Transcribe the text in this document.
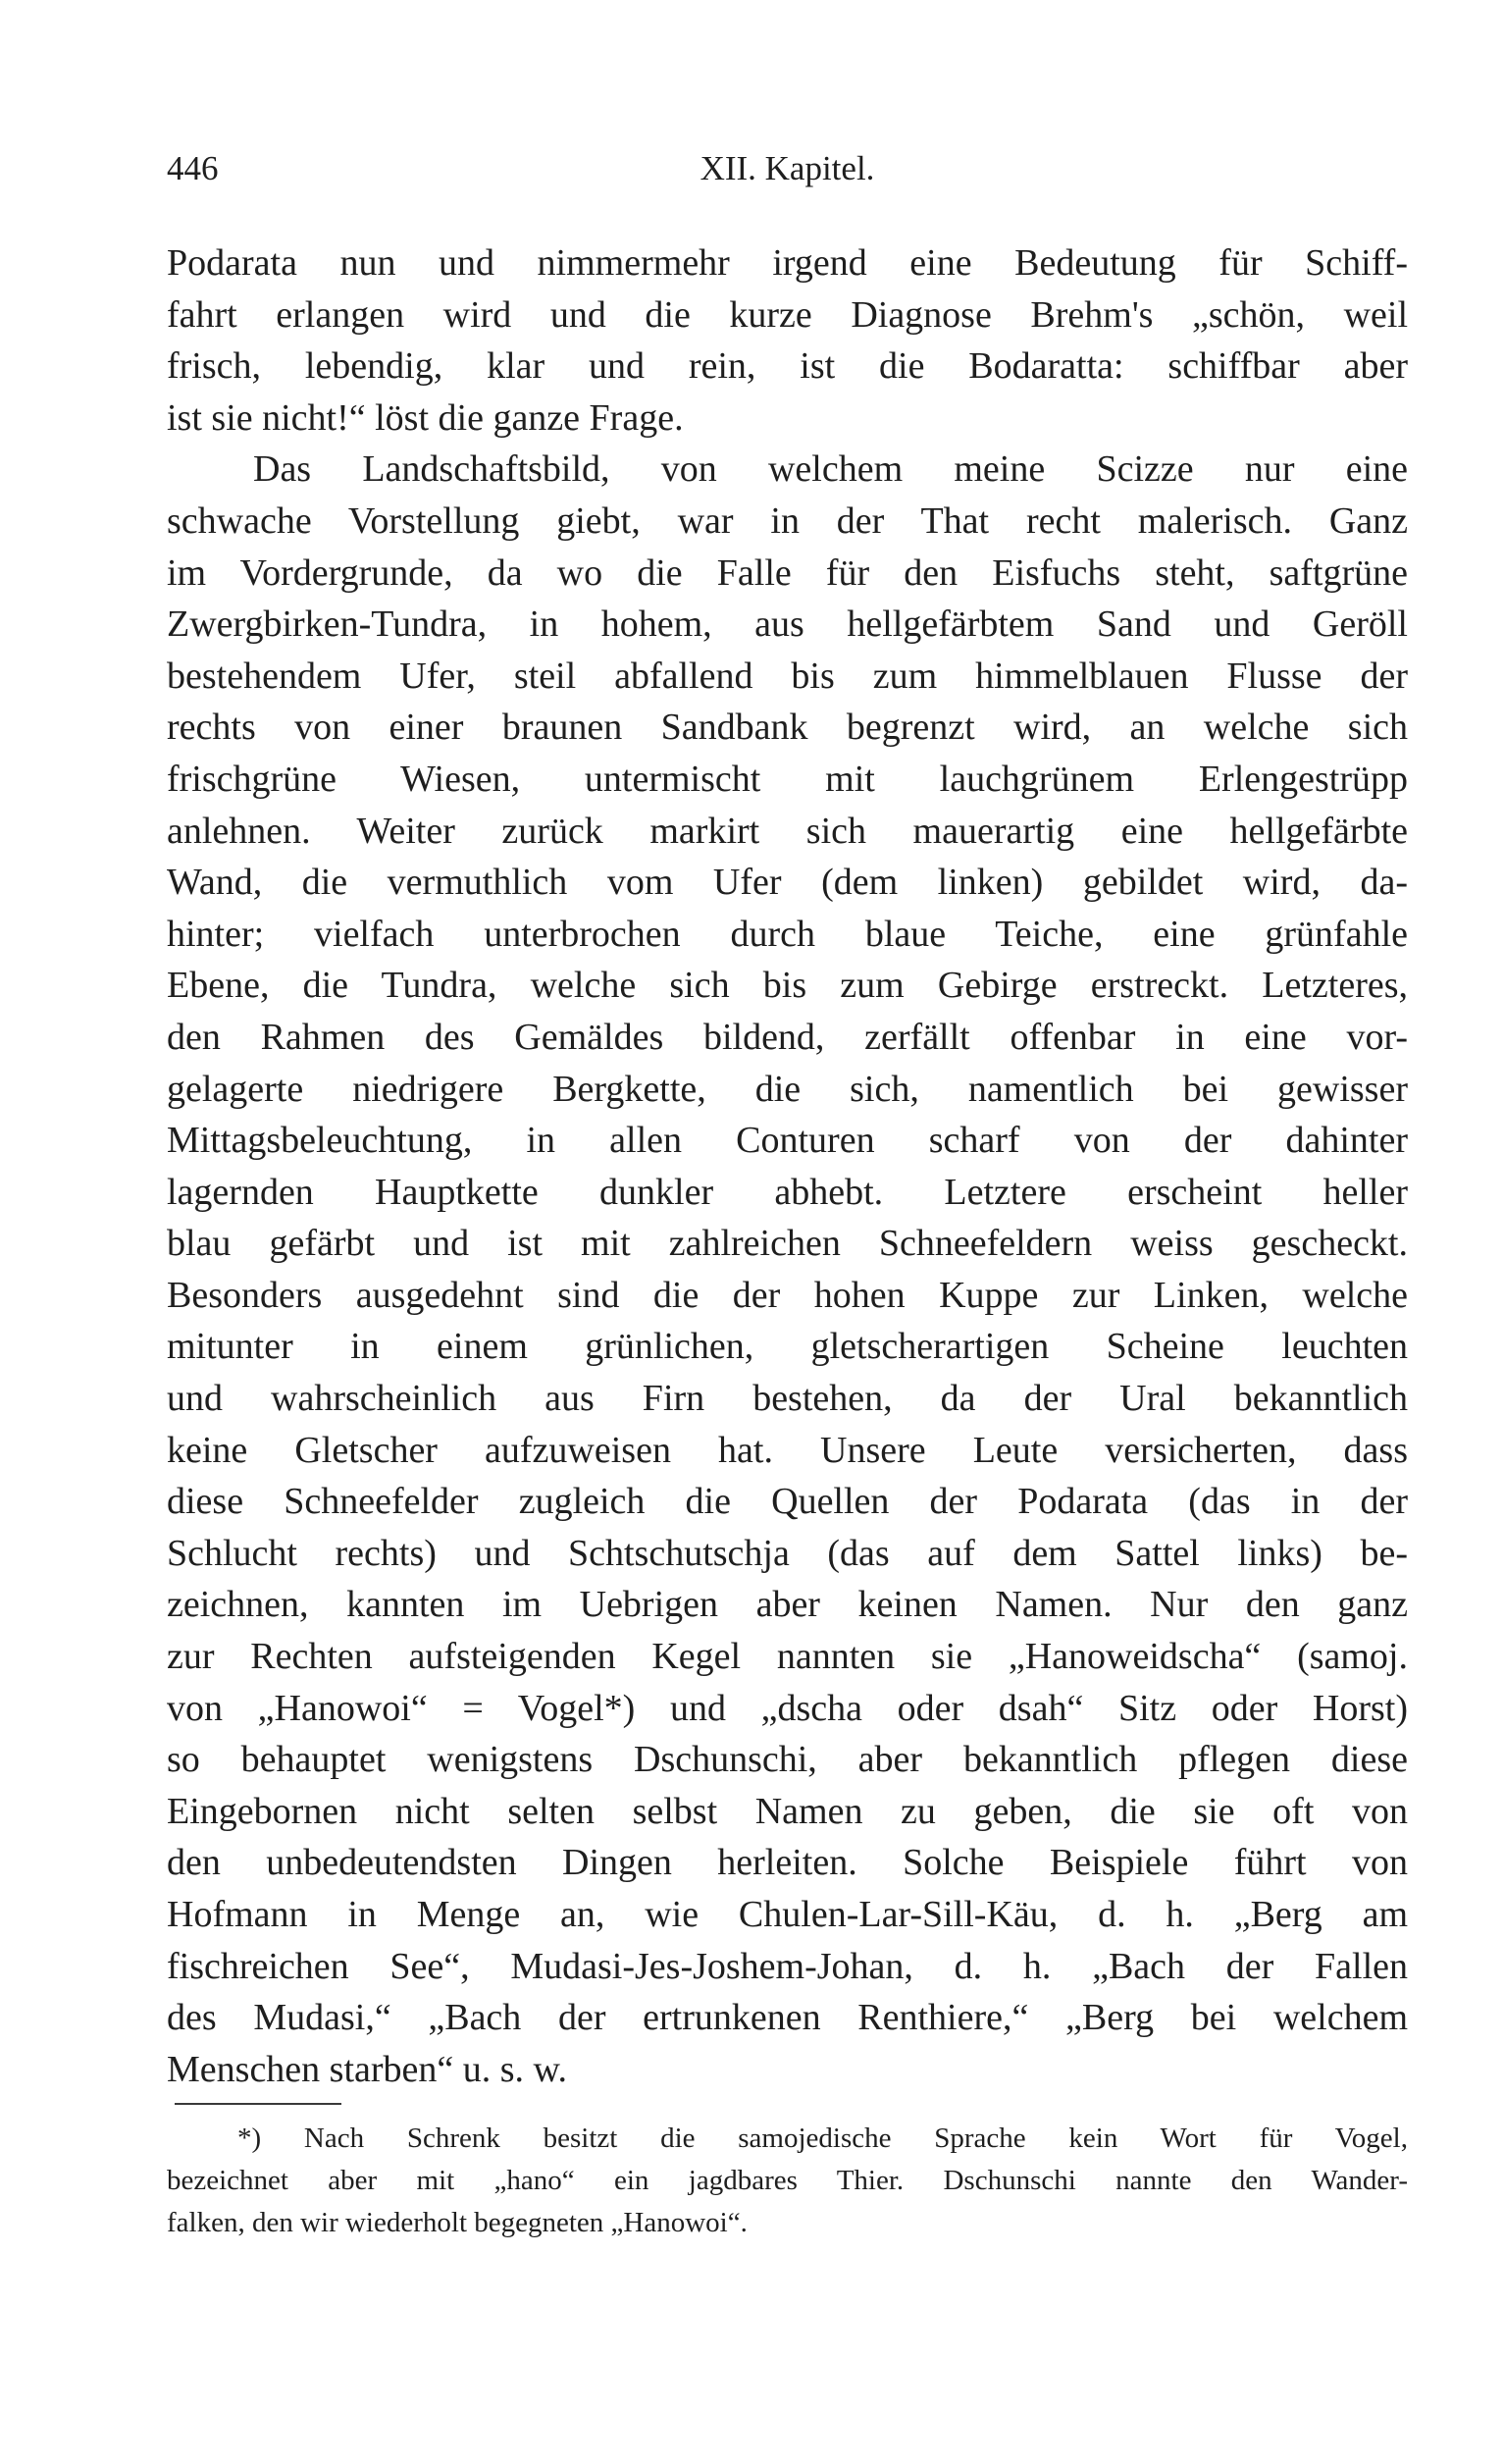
446	XII. Kapitel.
Podarata nun und nimmermehr irgend eine Bedeutung für Schiff-
fahrt erlangen wird und die kurze Diagnose Brehm's „schön, weil
frisch, lebendig, klar und rein, ist die Bodaratta: schiffbar aber
ist sie nicht!“ löst die ganze Frage.
Das Landschaftsbild, von welchem meine Scizze nur eine
schwache Vorstellung giebt, war in der That recht malerisch. Ganz
im Vordergrunde, da wo die Falle für den Eisfuchs steht, saftgrüne
Zwergbirken-Tundra, in hohem, aus hellgefärbtem Sand und Geröll
bestehendem Ufer, steil abfallend bis zum himmelblauen Flusse der
rechts von einer braunen Sandbank begrenzt wird, an welche sich
frischgrüne Wiesen, untermischt mit lauchgrünem Erlengestrüpp
anlehnen. Weiter zurück markirt sich mauerartig eine hellgefärbte
Wand, die vermuthlich vom Ufer (dem linken) gebildet wird, da-
hinter; vielfach unterbrochen durch blaue Teiche, eine grünfahle
Ebene, die Tundra, welche sich bis zum Gebirge erstreckt. Letzteres,
den Rahmen des Gemäldes bildend, zerfällt offenbar in eine vor-
gelagerte niedrigere Bergkette, die sich, namentlich bei gewisser
Mittagsbeleuchtung, in allen Conturen scharf von der dahinter
lagernden Hauptkette dunkler abhebt. Letztere erscheint heller
blau gefärbt und ist mit zahlreichen Schneefeldern weiss gescheckt.
Besonders ausgedehnt sind die der hohen Kuppe zur Linken, welche
mitunter in einem grünlichen, gletscherartigen Scheine leuchten
und wahrscheinlich aus Firn bestehen, da der Ural bekanntlich
keine Gletscher aufzuweisen hat. Unsere Leute versicherten, dass
diese Schneefelder zugleich die Quellen der Podarata (das in der
Schlucht rechts) und Schtschutschja (das auf dem Sattel links) be-
zeichnen, kannten im Uebrigen aber keinen Namen. Nur den ganz
zur Rechten aufsteigenden Kegel nannten sie „Hanoweidscha“ (samoj.
von „Hanowoi“ = Vogel*) und „dscha oder dsah“ Sitz oder Horst)
so behauptet wenigstens Dschunschi, aber bekanntlich pflegen diese
Eingebornen nicht selten selbst Namen zu geben, die sie oft von
den unbedeutendsten Dingen herleiten. Solche Beispiele führt von
Hofmann in Menge an, wie Chulen-Lar-Sill-Käu, d. h. „Berg am
fischreichen See“, Mudasi-Jes-Joshem-Johan, d. h. „Bach der Fallen
des Mudasi,“ „Bach der ertrunkenen Renthiere,“ „Berg bei welchem
Menschen starben“ u. s. w.
*) Nach Schrenk besitzt die samojedische Sprache kein Wort für Vogel,
bezeichnet aber mit „hano“ ein jagdbares Thier. Dschunschi nannte den Wander-
falken, den wir wiederholt begegneten „Hanowoi“.
